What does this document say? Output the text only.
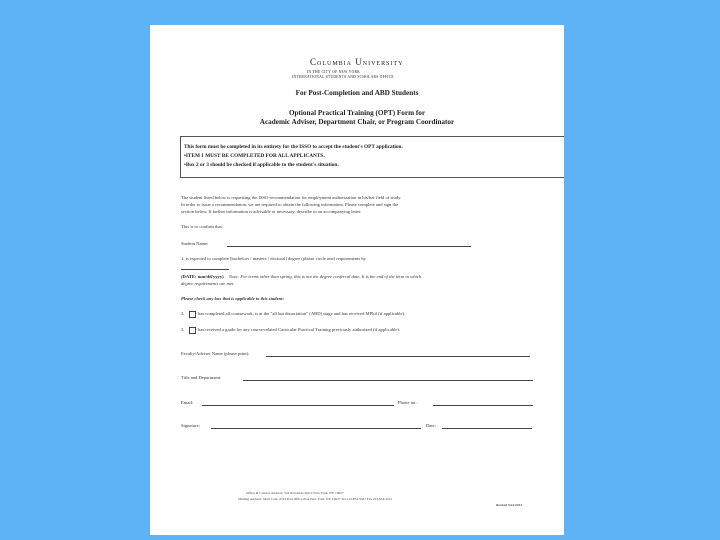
Columbia University
IN THE CITY OF NEW YORK
INTERNATIONAL STUDENTS AND SCHOLARS OFFICE
For Post-Completion and ABD Students
Optional Practical Training (OPT) Form for
Academic Adviser, Department Chair, or Program Coordinator
This form must be completed in its entirety for the ISSO to accept the student's OPT application.
•ITEM 1 MUST BE COMPLETED FOR ALL APPLICANTS.
•Box 2 or 3 should be checked if applicable to the student's situation.
The student listed below is requesting the ISSO recommendation for employment authorization in his/her field of study.
In order to issue a recommendation, we are required to obtain the following information. Please complete and sign the
section below. If further information is advisable or necessary, describe in an accompanying letter.
This is to confirm that:
Student Name:
1. is expected to complete [bachelors / masters / doctoral] degree (please circle one) requirements by
(DATE: mm/dd/yyyy) Note: For terms other than spring, this is not the degree conferral date. It is the end of the term in which
degree requirements are met.
Please check any box that is applicable to this student:
2.	has completed all coursework, is at the "all but dissertation" (ABD) stage and has received MPhil (if applicable).
3.	has received a grade for any course-related Curricular Practical Training previously authorized (if applicable).
Faculty/Adviser Name (please print):
Title and Department:
Email:	Phone no.:
Signature:	Date:
Office & Courier Address: 524 Riverside Drive New York, NY 10027
Mailing Address: Mail Code 4734 Post Office Box New York, NY 10027 Tel 212.854.3587 Fax 212.854.3215
Revised 5/24/2013
